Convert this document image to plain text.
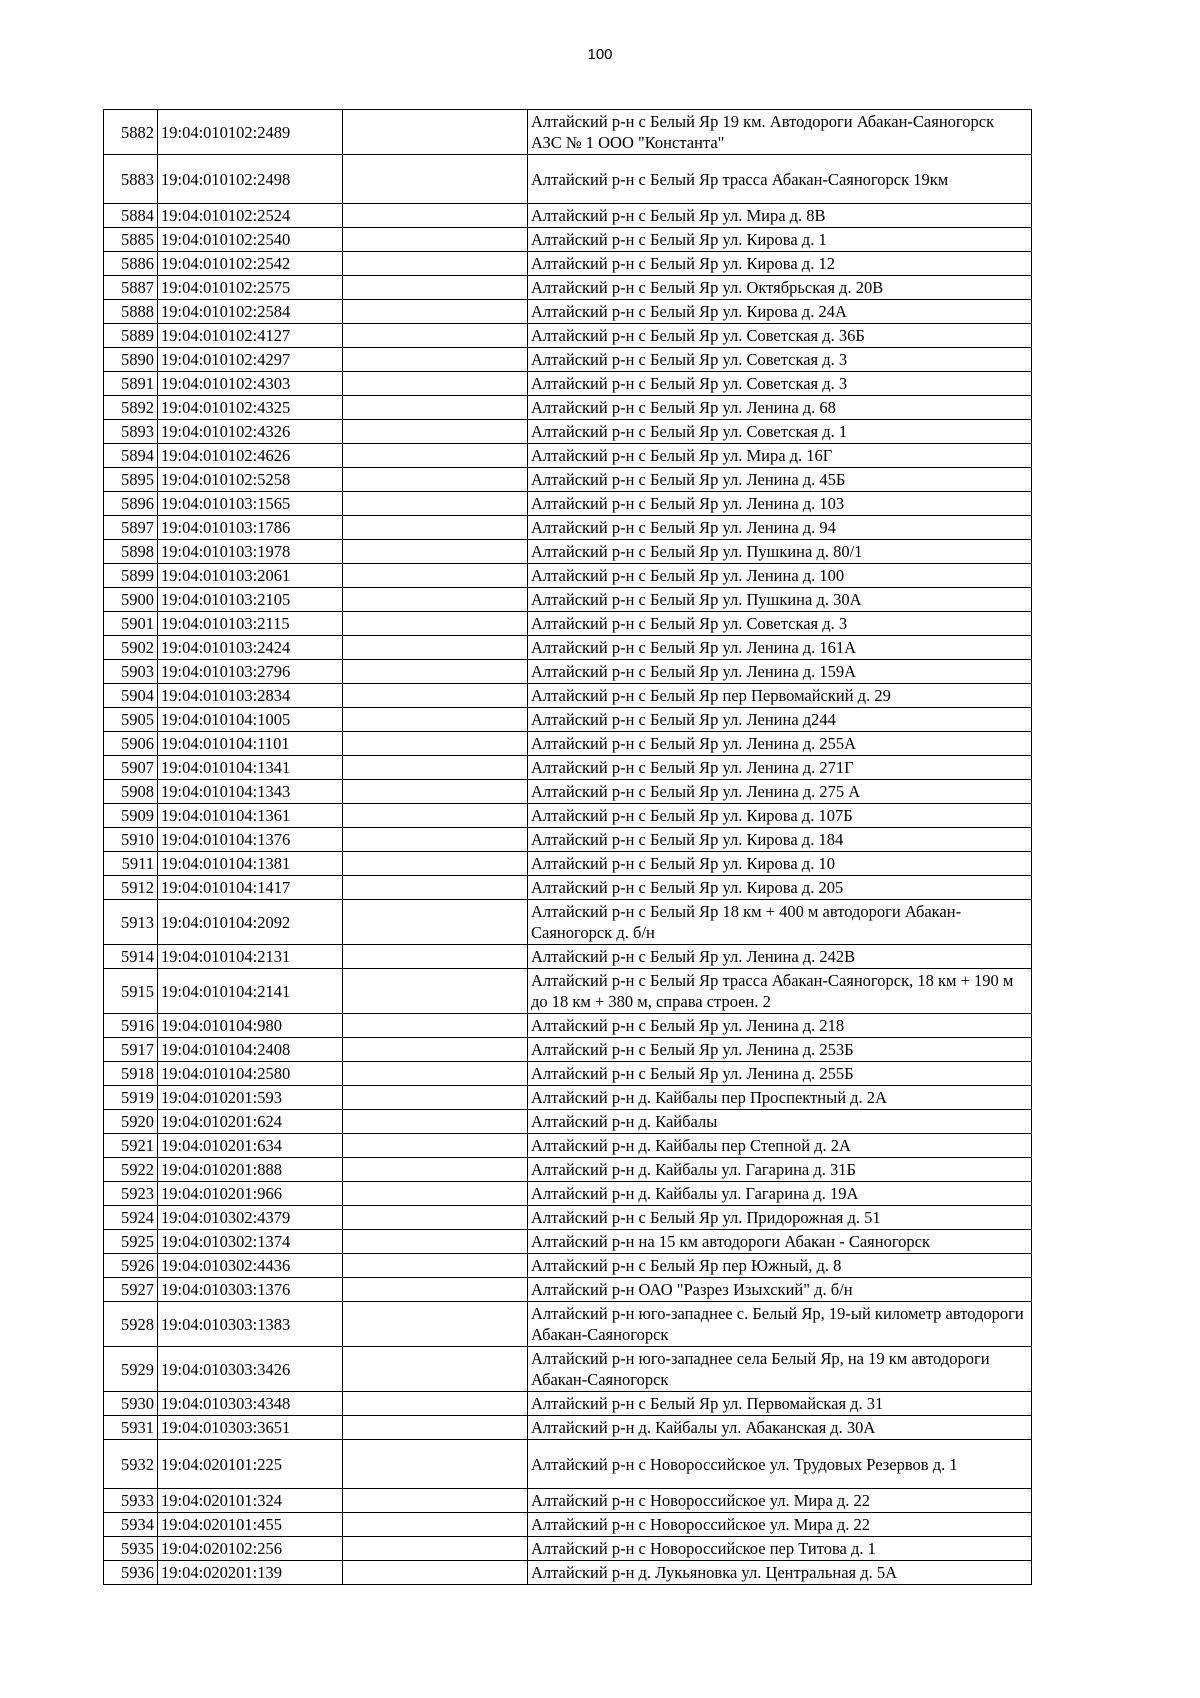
100
5882	19:04:010102:2489		Алтайский р-н с Белый Яр 19 км. Автодороги Абакан-Саяногорск АЗС № 1 ООО "Константа"
5883	19:04:010102:2498		Алтайский р-н с Белый Яр трасса Абакан-Саяногорск 19км
5884	19:04:010102:2524		Алтайский р-н с Белый Яр ул. Мира д. 8В
5885	19:04:010102:2540		Алтайский р-н с Белый Яр ул. Кирова д. 1
5886	19:04:010102:2542		Алтайский р-н с Белый Яр ул. Кирова д. 12
5887	19:04:010102:2575		Алтайский р-н с Белый Яр ул. Октябрьская д. 20В
5888	19:04:010102:2584		Алтайский р-н с Белый Яр ул. Кирова д. 24А
5889	19:04:010102:4127		Алтайский р-н с Белый Яр ул. Советская д. 36Б
5890	19:04:010102:4297		Алтайский р-н с Белый Яр ул. Советская д. 3
5891	19:04:010102:4303		Алтайский р-н с Белый Яр ул. Советская д. 3
5892	19:04:010102:4325		Алтайский р-н с Белый Яр ул. Ленина д. 68
5893	19:04:010102:4326		Алтайский р-н с Белый Яр ул. Советская д. 1
5894	19:04:010102:4626		Алтайский р-н с Белый Яр ул. Мира д. 16Г
5895	19:04:010102:5258		Алтайский р-н с Белый Яр ул. Ленина д. 45Б
5896	19:04:010103:1565		Алтайский р-н с Белый Яр ул. Ленина д. 103
5897	19:04:010103:1786		Алтайский р-н с Белый Яр ул. Ленина д. 94
5898	19:04:010103:1978		Алтайский р-н с Белый Яр ул. Пушкина д. 80/1
5899	19:04:010103:2061		Алтайский р-н с Белый Яр ул. Ленина д. 100
5900	19:04:010103:2105		Алтайский р-н с Белый Яр ул. Пушкина д. 30А
5901	19:04:010103:2115		Алтайский р-н с Белый Яр ул. Советская д. 3
5902	19:04:010103:2424		Алтайский р-н с Белый Яр ул. Ленина д. 161А
5903	19:04:010103:2796		Алтайский р-н с Белый Яр ул. Ленина д. 159А
5904	19:04:010103:2834		Алтайский р-н с Белый Яр пер Первомайский д. 29
5905	19:04:010104:1005		Алтайский р-н с Белый Яр ул. Ленина д244
5906	19:04:010104:1101		Алтайский р-н с Белый Яр ул. Ленина д. 255А
5907	19:04:010104:1341		Алтайский р-н с Белый Яр ул. Ленина д. 271Г
5908	19:04:010104:1343		Алтайский р-н с Белый Яр ул. Ленина д. 275 А
5909	19:04:010104:1361		Алтайский р-н с Белый Яр ул. Кирова д. 107Б
5910	19:04:010104:1376		Алтайский р-н с Белый Яр ул. Кирова д. 184
5911	19:04:010104:1381		Алтайский р-н с Белый Яр ул. Кирова д. 10
5912	19:04:010104:1417		Алтайский р-н с Белый Яр ул. Кирова д. 205
5913	19:04:010104:2092		Алтайский р-н с Белый Яр 18 км + 400 м автодороги Абакан-Саяногорск д. б/н
5914	19:04:010104:2131		Алтайский р-н с Белый Яр ул. Ленина д. 242В
5915	19:04:010104:2141		Алтайский р-н с Белый Яр трасса Абакан-Саяногорск, 18 км + 190 м до 18 км + 380 м, справа строен. 2
5916	19:04:010104:980		Алтайский р-н с Белый Яр ул. Ленина д. 218
5917	19:04:010104:2408		Алтайский р-н с Белый Яр ул. Ленина д. 253Б
5918	19:04:010104:2580		Алтайский р-н с Белый Яр ул. Ленина д. 255Б
5919	19:04:010201:593		Алтайский р-н д. Кайбалы пер Проспектный д. 2А
5920	19:04:010201:624		Алтайский р-н д. Кайбалы
5921	19:04:010201:634		Алтайский р-н д. Кайбалы пер Степной д. 2А
5922	19:04:010201:888		Алтайский р-н д. Кайбалы ул. Гагарина д. 31Б
5923	19:04:010201:966		Алтайский р-н д. Кайбалы ул. Гагарина д. 19А
5924	19:04:010302:4379		Алтайский р-н с Белый Яр ул. Придорожная д. 51
5925	19:04:010302:1374		Алтайский р-н на 15 км автодороги Абакан - Саяногорск
5926	19:04:010302:4436		Алтайский р-н с Белый Яр пер Южный, д. 8
5927	19:04:010303:1376		Алтайский р-н ОАО "Разрез Изыхский" д. б/н
5928	19:04:010303:1383		Алтайский р-н юго-западнее с. Белый Яр, 19-ый километр автодороги Абакан-Саяногорск
5929	19:04:010303:3426		Алтайский р-н юго-западнее села Белый Яр, на 19 км автодороги Абакан-Саяногорск
5930	19:04:010303:4348		Алтайский р-н с Белый Яр ул. Первомайская д. 31
5931	19:04:010303:3651		Алтайский р-н д. Кайбалы ул. Абаканская д. 30А
5932	19:04:020101:225		Алтайский р-н с Новороссийское ул. Трудовых Резервов д. 1
5933	19:04:020101:324		Алтайский р-н с Новороссийское ул. Мира д. 22
5934	19:04:020101:455		Алтайский р-н с Новороссийское ул. Мира д. 22
5935	19:04:020102:256		Алтайский р-н с Новороссийское пер Титова д. 1
5936	19:04:020201:139		Алтайский р-н д. Лукьяновка ул. Центральная д. 5А
